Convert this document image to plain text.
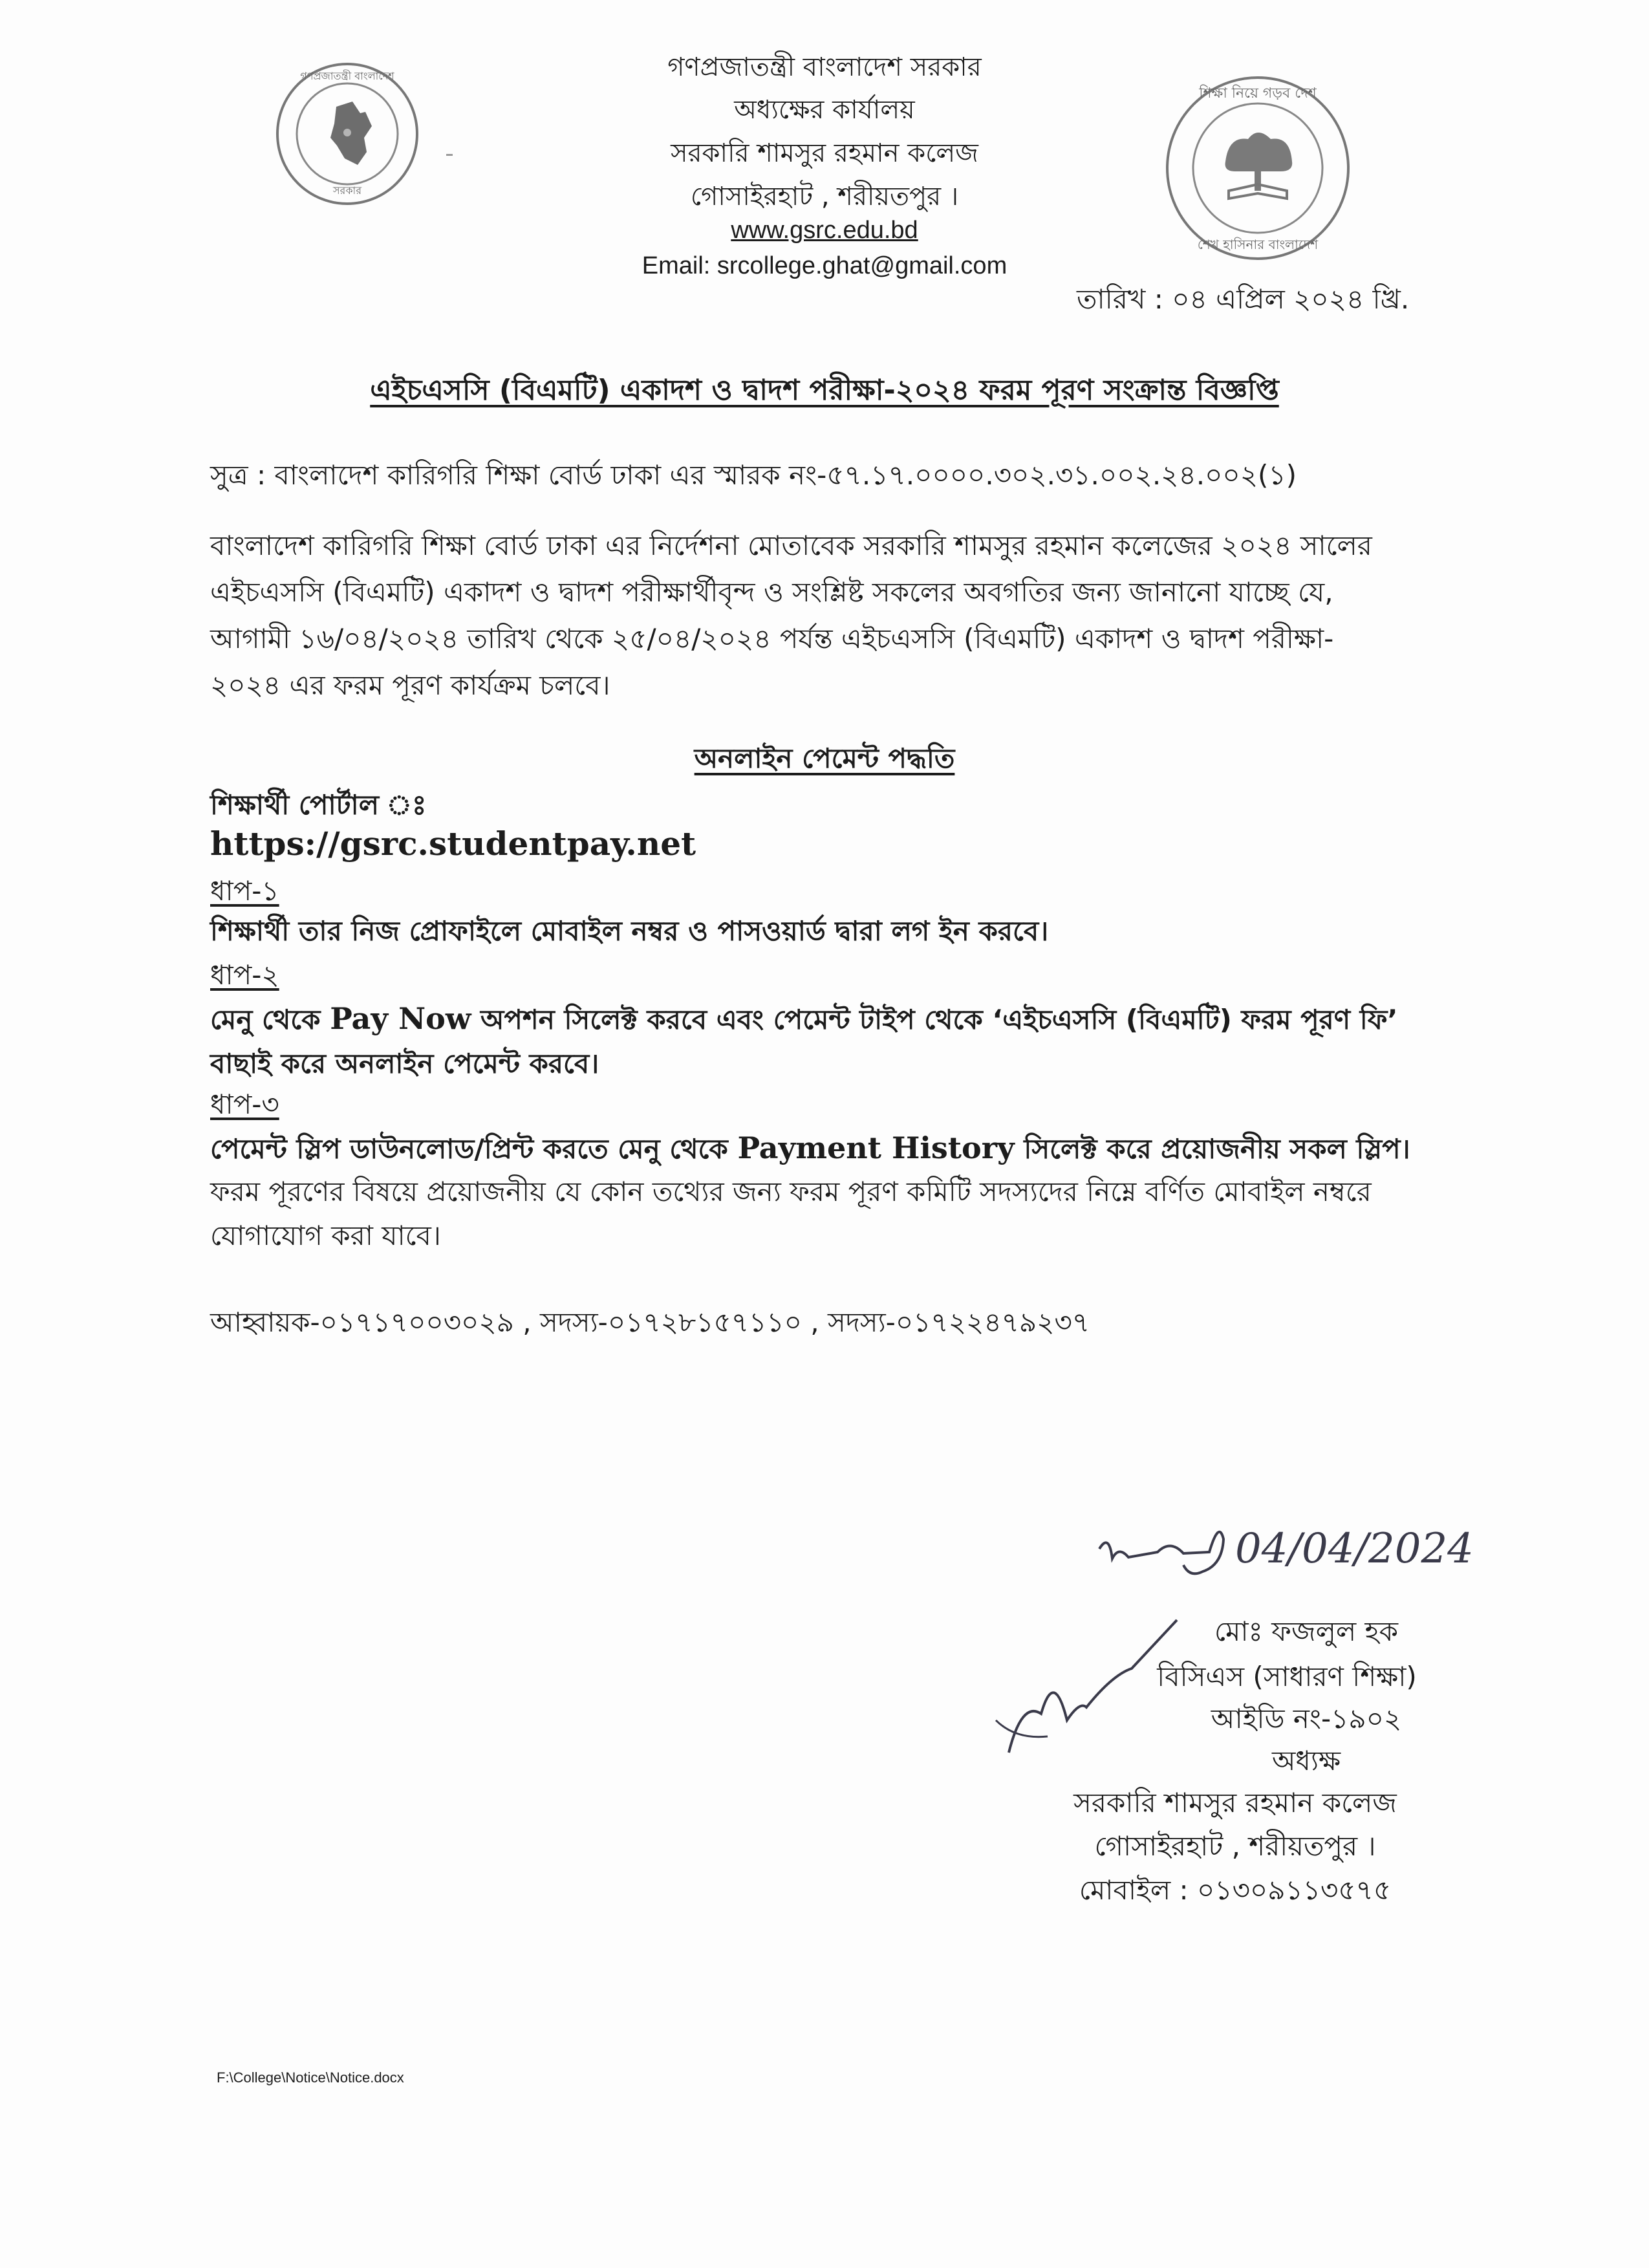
গণপ্রজাতন্ত্রী বাংলাদেশ
সরকার
শিক্ষা নিয়ে গড়ব দেশ
শেখ হাসিনার বাংলাদেশ
গণপ্রজাতন্ত্রী বাংলাদেশ সরকার
অধ্যক্ষের কার্যালয়
সরকারি শামসুর রহমান কলেজ
গোসাইরহাট , শরীয়তপুর ।
www.gsrc.edu.bd
Email: srcollege.ghat@gmail.com
তারিখ : ০৪ এপ্রিল ২০২৪ খ্রি.
এইচএসসি (বিএমটি) একাদশ ও দ্বাদশ পরীক্ষা-২০২৪ ফরম পূরণ সংক্রান্ত বিজ্ঞপ্তি
সুত্র : বাংলাদেশ কারিগরি শিক্ষা বোর্ড ঢাকা এর স্মারক নং-৫৭.১৭.০০০০.৩০২.৩১.০০২.২৪.০০২(১)
বাংলাদেশ কারিগরি শিক্ষা বোর্ড ঢাকা এর নির্দেশনা মোতাবেক সরকারি শামসুর রহমান কলেজের ২০২৪ সালের
এইচএসসি (বিএমটি) একাদশ ও দ্বাদশ পরীক্ষার্থীবৃন্দ ও সংশ্লিষ্ট সকলের অবগতির জন্য জানানো যাচ্ছে যে,
আগামী ১৬/০৪/২০২৪ তারিখ থেকে ২৫/০৪/২০২৪ পর্যন্ত এইচএসসি (বিএমটি) একাদশ ও দ্বাদশ পরীক্ষা-
২০২৪ এর ফরম পূরণ কার্যক্রম চলবে।
অনলাইন পেমেন্ট পদ্ধতি
শিক্ষার্থী পোর্টাল ঃ
https://gsrc.studentpay.net
ধাপ-১
শিক্ষার্থী তার নিজ প্রোফাইলে মোবাইল নম্বর ও পাসওয়ার্ড দ্বারা লগ ইন করবে।
ধাপ-২
মেনু থেকে Pay Now অপশন সিলেক্ট করবে এবং পেমেন্ট টাইপ থেকে ‘এইচএসসি (বিএমটি) ফরম পূরণ ফি’
বাছাই করে অনলাইন পেমেন্ট করবে।
ধাপ-৩
পেমেন্ট স্লিপ ডাউনলোড/প্রিন্ট করতে মেনু থেকে Payment History সিলেক্ট করে প্রয়োজনীয় সকল স্লিপ।
ফরম পূরণের বিষয়ে প্রয়োজনীয় যে কোন তথ্যের জন্য ফরম পূরণ কমিটি সদস্যদের নিম্নে বর্ণিত মোবাইল নম্বরে
যোগাযোগ করা যাবে।
আহ্বায়ক-০১৭১৭০০৩০২৯ , সদস্য-০১৭২৮১৫৭১১০ , সদস্য-০১৭২২৪৭৯২৩৭
04/04/2024
মোঃ ফজলুল হক
বিসিএস (সাধারণ শিক্ষা)
আইডি নং-১৯০২
অধ্যক্ষ
সরকারি শামসুর রহমান কলেজ
গোসাইরহাট , শরীয়তপুর ।
মোবাইল : ০১৩০৯১১৩৫৭৫
F:\College\Notice\Notice.docx
